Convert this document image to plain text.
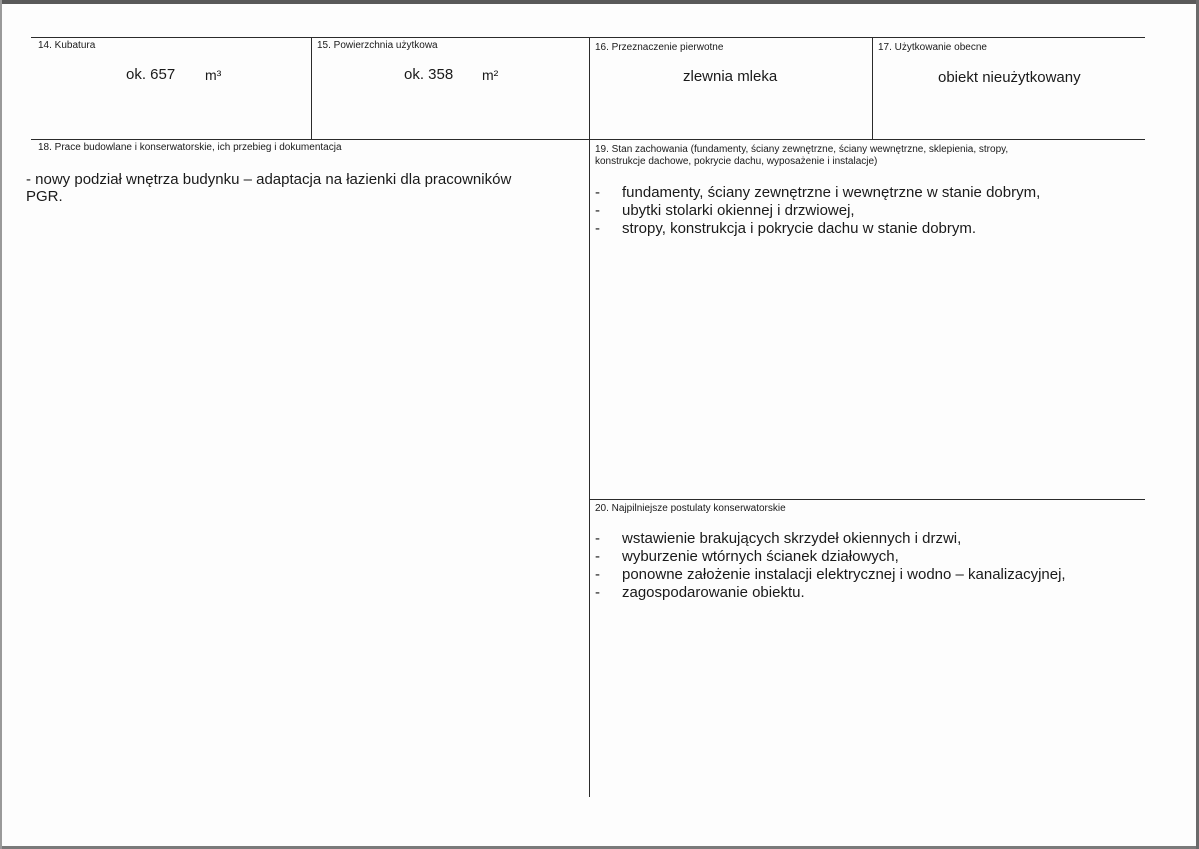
14. Kubatura
ok. 657 m³
15. Powierzchnia użytkowa
ok. 358 m²
16. Przeznaczenie pierwotne
zlewnia mleka
17. Użytkowanie obecne
obiekt nieużytkowany
18. Prace budowlane i konserwatorskie, ich przebieg i dokumentacja
- nowy podział wnętrza budynku – adaptacja na łazienki dla pracowników
PGR.
19. Stan zachowania (fundamenty, ściany zewnętrzne, ściany wewnętrzne, sklepienia, stropy,
konstrukcje dachowe, pokrycie dachu, wyposażenie i instalacje)
-	fundamenty, ściany zewnętrzne i wewnętrzne w stanie dobrym,
-	ubytki stolarki okiennej i drzwiowej,
-	stropy, konstrukcja i pokrycie dachu w stanie dobrym.
20. Najpilniejsze postulaty konserwatorskie
-	wstawienie brakujących skrzydeł okiennych i drzwi,
-	wyburzenie wtórnych ścianek działowych,
-	ponowne założenie instalacji elektrycznej i wodno – kanalizacyjnej,
-	zagospodarowanie obiektu.
